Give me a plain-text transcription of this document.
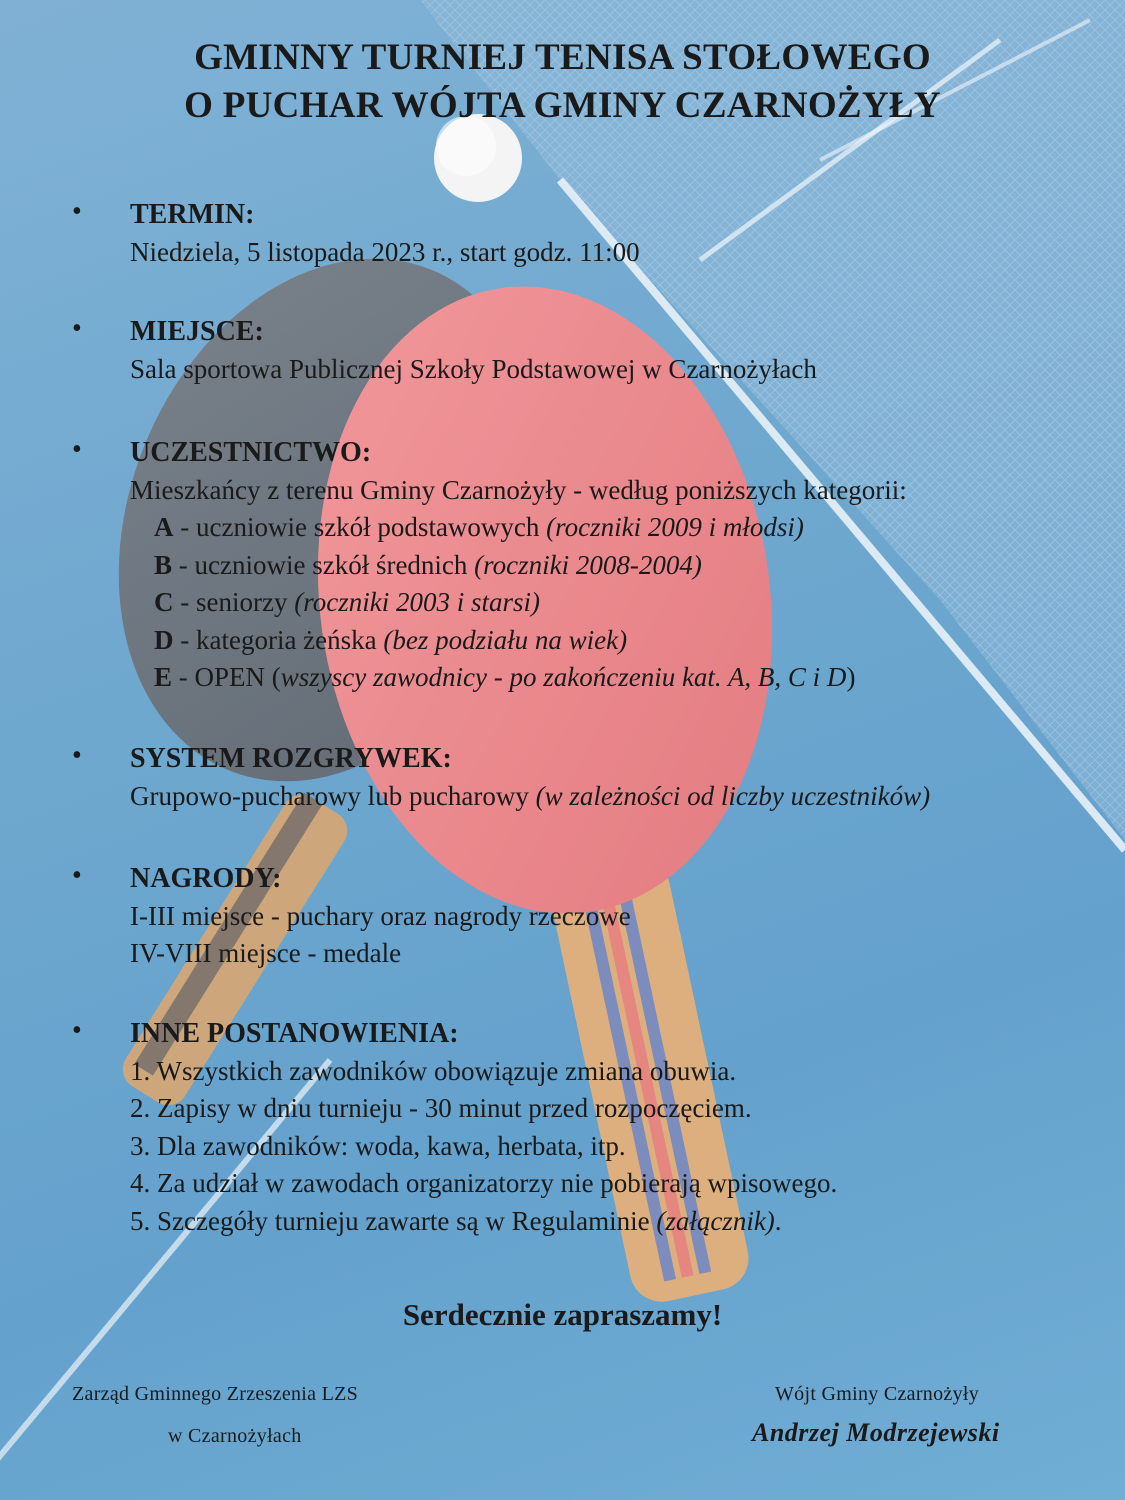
GMINNY TURNIEJ TENISA STOŁOWEGO
O PUCHAR WÓJTA GMINY CZARNOŻYŁY
• TERMIN:
Niedziela, 5 listopada 2023 r., start godz. 11:00
• MIEJSCE:
Sala sportowa Publicznej Szkoły Podstawowej w Czarnożyłach
• UCZESTNICTWO:
Mieszkańcy z terenu Gminy Czarnożyły - według poniższych kategorii:
A - uczniowie szkół podstawowych (roczniki 2009 i młodsi)
B - uczniowie szkół średnich (roczniki 2008-2004)
C - seniorzy (roczniki 2003 i starsi)
D - kategoria żeńska (bez podziału na wiek)
E - OPEN (wszyscy zawodnicy - po zakończeniu kat. A, B, C i D)
• SYSTEM ROZGRYWEK:
Grupowo-pucharowy lub pucharowy (w zależności od liczby uczestników)
• NAGRODY:
I-III miejsce - puchary oraz nagrody rzeczowe
IV-VIII miejsce - medale
• INNE POSTANOWIENIA:
1. Wszystkich zawodników obowiązuje zmiana obuwia.
2. Zapisy w dniu turnieju - 30 minut przed rozpoczęciem.
3. Dla zawodników: woda, kawa, herbata, itp.
4. Za udział w zawodach organizatorzy nie pobierają wpisowego.
5. Szczegóły turnieju zawarte są w Regulaminie (załącznik).
Serdecznie zapraszamy!
Zarząd Gminnego Zrzeszenia LZS
w Czarnożyłach
Wójt Gminy Czarnożyły
Andrzej Modrzejewski
